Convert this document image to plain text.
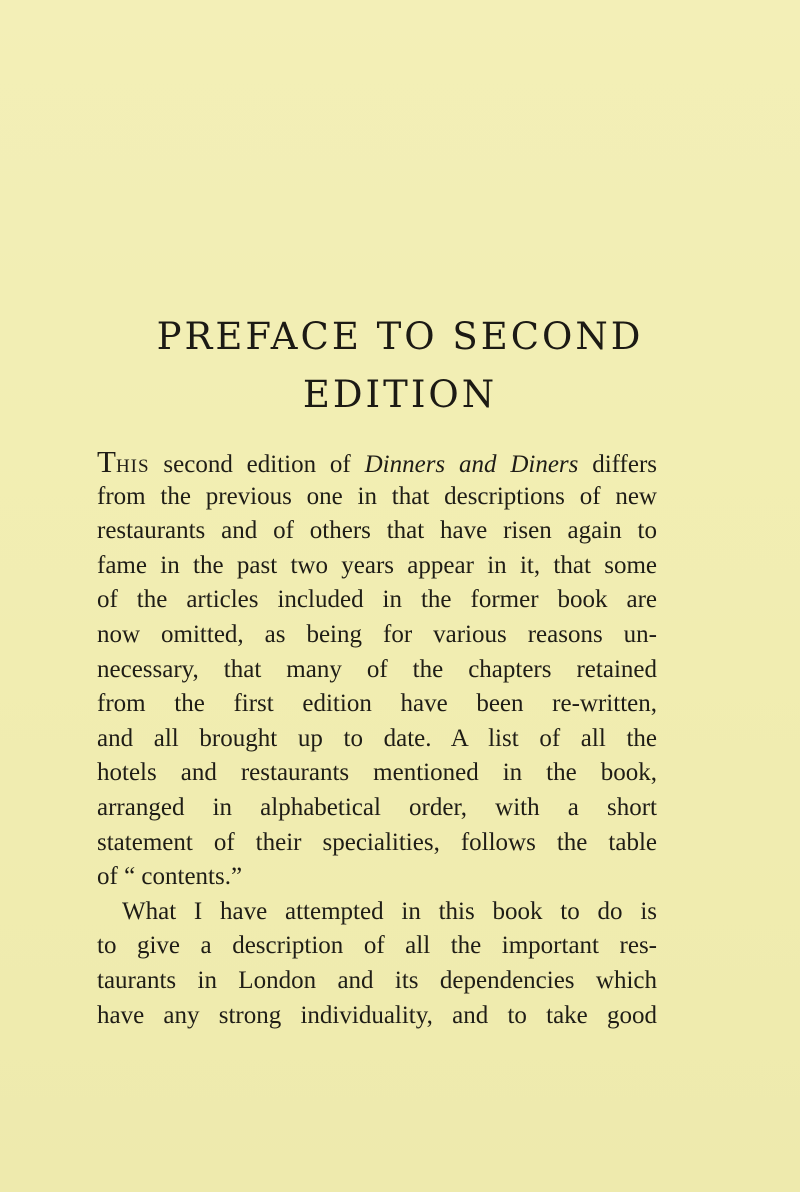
PREFACE TO SECOND
EDITION
THIS second edition of Dinners and Diners differs
from the previous one in that descriptions of new
restaurants and of others that have risen again to
fame in the past two years appear in it, that some
of the articles included in the former book are
now omitted, as being for various reasons un-
necessary, that many of the chapters retained
from the first edition have been re-written,
and all brought up to date. A list of all the
hotels and restaurants mentioned in the book,
arranged in alphabetical order, with a short
statement of their specialities, follows the table
of “ contents.”
What I have attempted in this book to do is
to give a description of all the important res-
taurants in London and its dependencies which
have any strong individuality, and to take good
